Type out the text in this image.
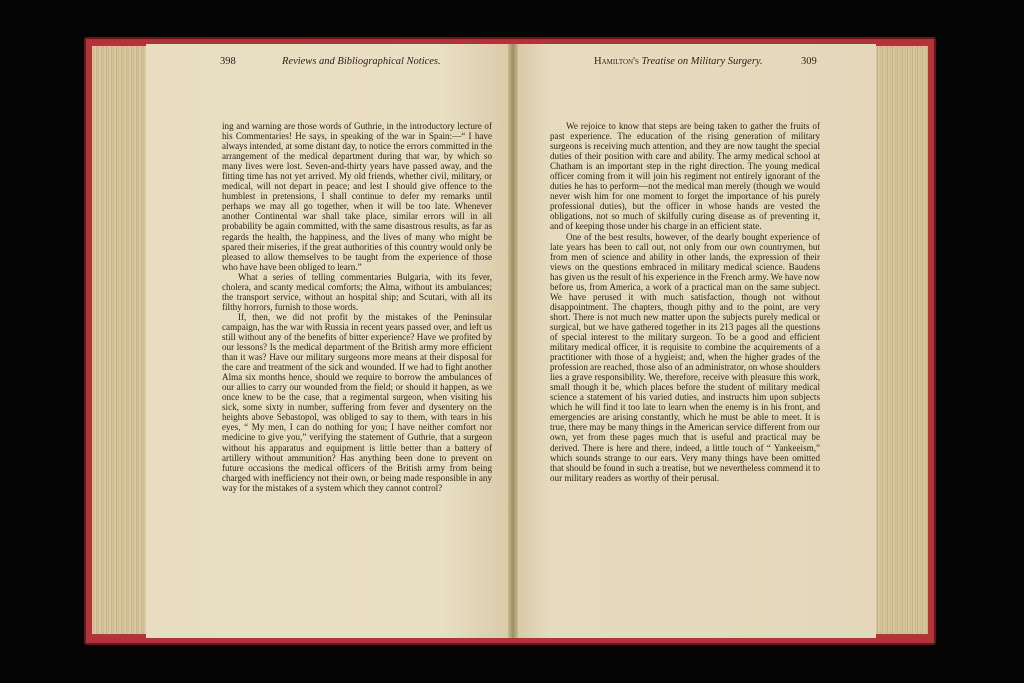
398	Reviews and Bibliographical Notices.	Hamilton's Treatise on Military Surgery.	309

ing and warning are those words of Guthrie, in the introductory lecture of his Commentaries! He says, in speaking of the war in Spain:—“ I have always intended, at some distant day, to notice the errors committed in the arrangement of the medical department during that war, by which so many lives were lost. Seven-and-thirty years have passed away, and the fitting time has not yet arrived. My old friends, whether civil, military, or medical, will not depart in peace; and lest I should give offence to the humblest in pretensions, I shall continue to defer my remarks until perhaps we may all go together, when it will be too late. Whenever another Continental war shall take place, similar errors will in all probability be again committed, with the same disastrous results, as far as regards the health, the happiness, and the lives of many who might be spared their miseries, if the great authorities of this country would only be pleased to allow themselves to be taught from the experience of those who have have been obliged to learn.”

What a series of telling commentaries Bulgaria, with its fever, cholera, and scanty medical comforts; the Alma, without its ambulances; the transport service, without an hospital ship; and Scutari, with all its filthy horrors, furnish to those words.

If, then, we did not profit by the mistakes of the Peninsular campaign, has the war with Russia in recent years passed over, and left us still without any of the benefits of bitter experience? Have we profited by our lessons? Is the medical department of the British army more efficient than it was? Have our military surgeons more means at their disposal for the care and treatment of the sick and wounded. If we had to fight another Alma six months hence, should we require to borrow the ambulances of our allies to carry our wounded from the field; or should it happen, as we once knew to be the case, that a regimental surgeon, when visiting his sick, some sixty in number, suffering from fever and dysentery on the heights above Sebastopol, was obliged to say to them, with tears in his eyes, “ My men, I can do nothing for you; I have neither comfort nor medicine to give you,” verifying the statement of Guthrie, that a surgeon without his apparatus and equipment is little better than a battery of artillery without ammunition? Has anything been done to prevent on future occasions the medical officers of the British army from being charged with inefficiency not their own, or being made responsible in any way for the mistakes of a system which they cannot control?

We rejoice to know that steps are being taken to gather the fruits of past experience. The education of the rising generation of military surgeons is receiving much attention, and they are now taught the special duties of their position with care and ability. The army medical school at Chatham is an important step in the right direction. The young medical officer coming from it will join his regiment not entirely ignorant of the duties he has to perform—not the medical man merely (though we would never wish him for one moment to forget the importance of his purely professional duties), but the officer in whose hands are vested the obligations, not so much of skilfully curing disease as of preventing it, and of keeping those under his charge in an efficient state.

One of the best results, however, of the dearly bought experience of late years has been to call out, not only from our own countrymen, but from men of science and ability in other lands, the expression of their views on the questions embraced in military medical science. Baudens has given us the result of his experience in the French army. We have now before us, from America, a work of a practical man on the same subject. We have perused it with much satisfaction, though not without disappointment. The chapters, though pithy and to the point, are very short. There is not much new matter upon the subjects purely medical or surgical, but we have gathered together in its 213 pages all the questions of special interest to the military surgeon. To be a good and efficient military medical officer, it is requisite to combine the acquirements of a practitioner with those of a hygieist; and, when the higher grades of the profession are reached, those also of an administrator, on whose shoulders lies a grave responsibility. We, therefore, receive with pleasure this work, small though it be, which places before the student of military medical science a statement of his varied duties, and instructs him upon subjects which he will find it too late to learn when the enemy is in his front, and emergencies are arising constantly, which he must be able to meet. It is true, there may be many things in the American service different from our own, yet from these pages much that is useful and practical may be derived. There is here and there, indeed, a little touch of “ Yankeeism,” which sounds strange to our ears. Very many things have been omitted that should be found in such a treatise, but we nevertheless commend it to our military readers as worthy of their perusal.
